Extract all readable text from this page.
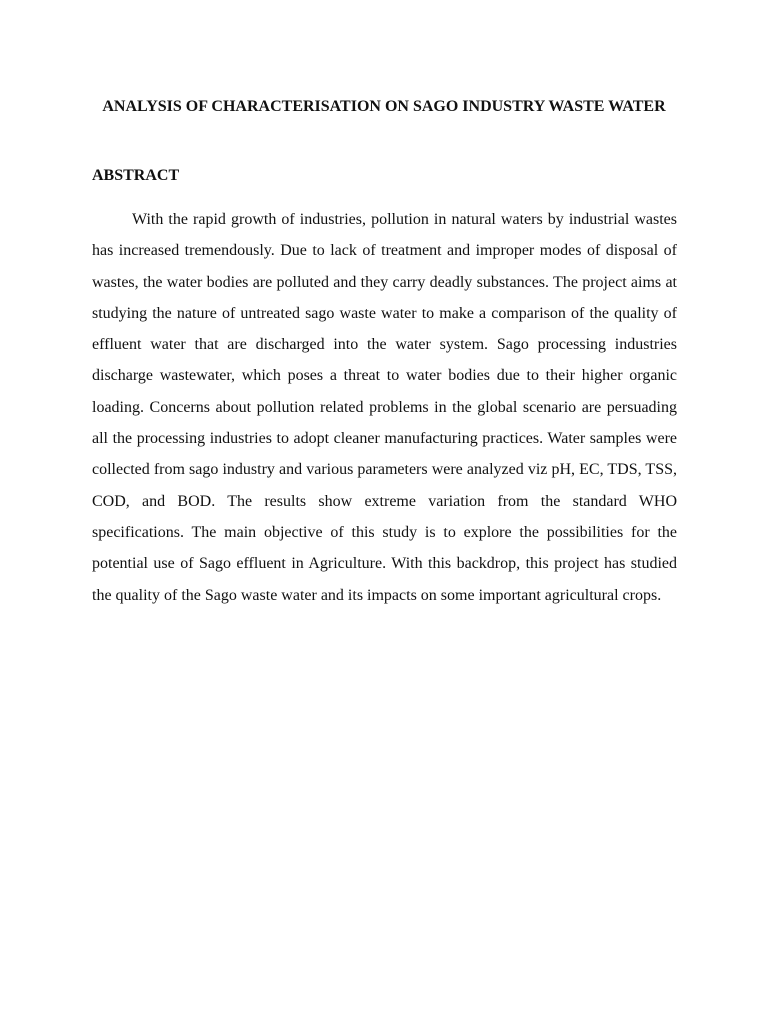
ANALYSIS OF CHARACTERISATION ON SAGO INDUSTRY WASTE WATER
ABSTRACT

With the rapid growth of industries, pollution in natural waters by industrial wastes has increased tremendously. Due to lack of treatment and improper modes of disposal of wastes, the water bodies are polluted and they carry deadly substances. The project aims at studying the nature of untreated sago waste water to make a comparison of the quality of effluent water that are discharged into the water system. Sago processing industries discharge wastewater, which poses a threat to water bodies due to their higher organic loading. Concerns about pollution related problems in the global scenario are persuading all the processing industries to adopt cleaner manufacturing practices. Water samples were collected from sago industry and various parameters were analyzed viz pH, EC, TDS, TSS, COD, and BOD. The results show extreme variation from the standard WHO specifications. The main objective of this study is to explore the possibilities for the potential use of Sago effluent in Agriculture. With this backdrop, this project has studied the quality of the Sago waste water and its impacts on some important agricultural crops.
